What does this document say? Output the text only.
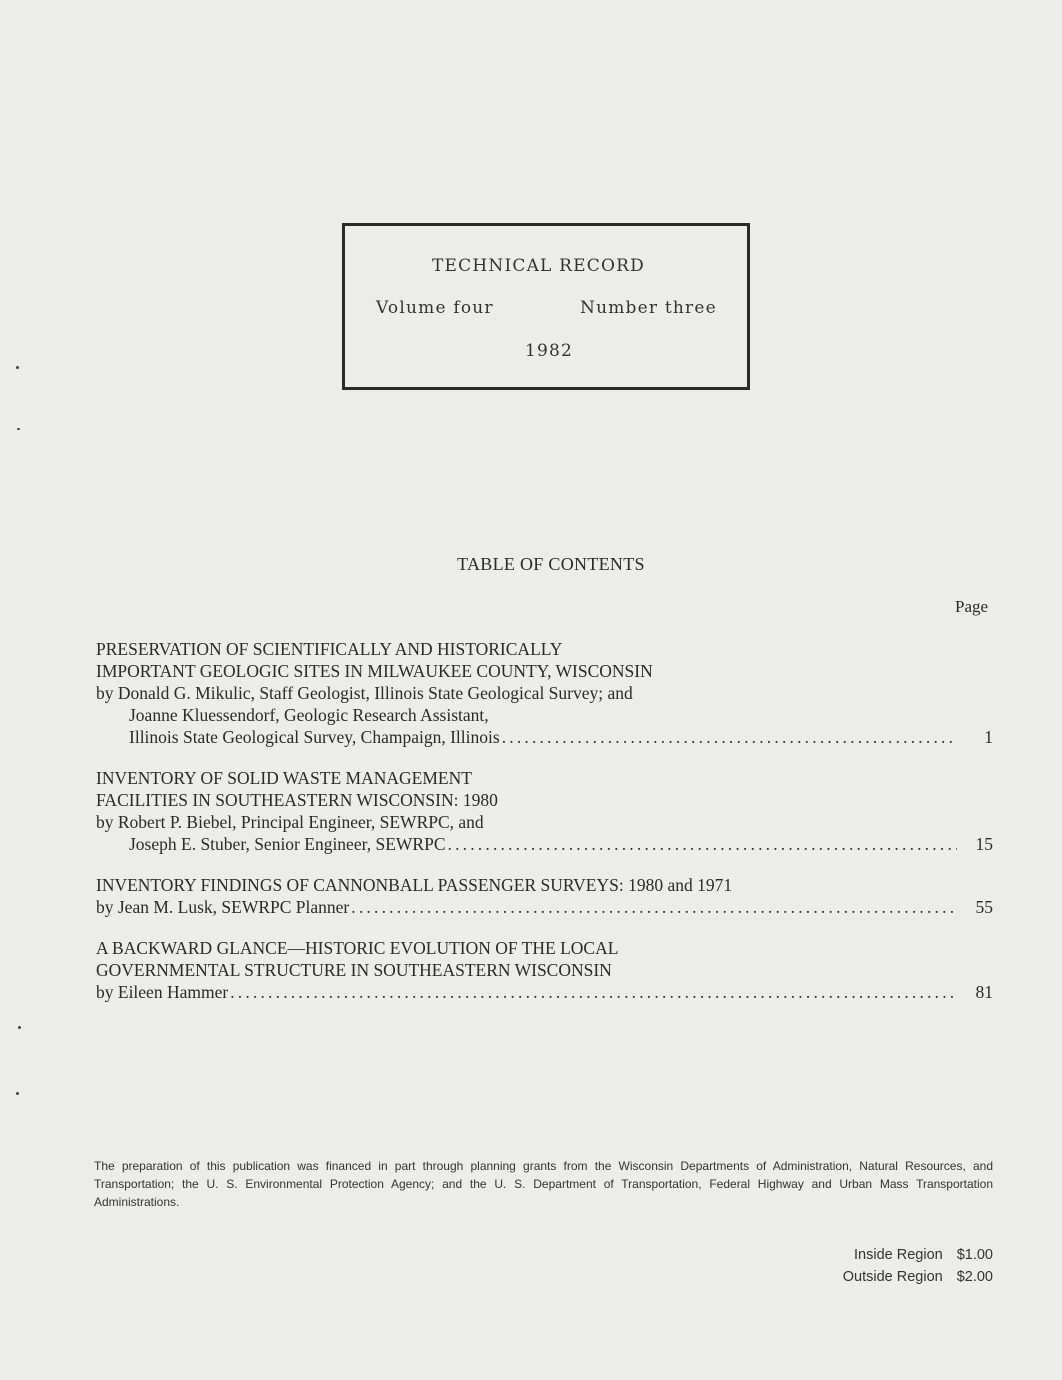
TECHNICAL RECORD
Volume four	Number three
1982
TABLE OF CONTENTS
Page
PRESERVATION OF SCIENTIFICALLY AND HISTORICALLY
IMPORTANT GEOLOGIC SITES IN MILWAUKEE COUNTY, WISCONSIN
by Donald G. Mikulic, Staff Geologist, Illinois State Geological Survey; and
Joanne Kluessendorf, Geologic Research Assistant,
Illinois State Geological Survey, Champaign, Illinois .....	1
INVENTORY OF SOLID WASTE MANAGEMENT
FACILITIES IN SOUTHEASTERN WISCONSIN: 1980
by Robert P. Biebel, Principal Engineer, SEWRPC, and
Joseph E. Stuber, Senior Engineer, SEWRPC .....	15
INVENTORY FINDINGS OF CANNONBALL PASSENGER SURVEYS: 1980 and 1971
by Jean M. Lusk, SEWRPC Planner .....	55
A BACKWARD GLANCE—HISTORIC EVOLUTION OF THE LOCAL
GOVERNMENTAL STRUCTURE IN SOUTHEASTERN WISCONSIN
by Eileen Hammer .....	81
The preparation of this publication was financed in part through planning grants from the Wisconsin Departments of Administration, Natural Resources, and Transportation; the U. S. Environmental Protection Agency; and the U. S. Department of Transportation, Federal Highway and Urban Mass Transportation Administrations.
Inside Region $1.00
Outside Region $2.00
